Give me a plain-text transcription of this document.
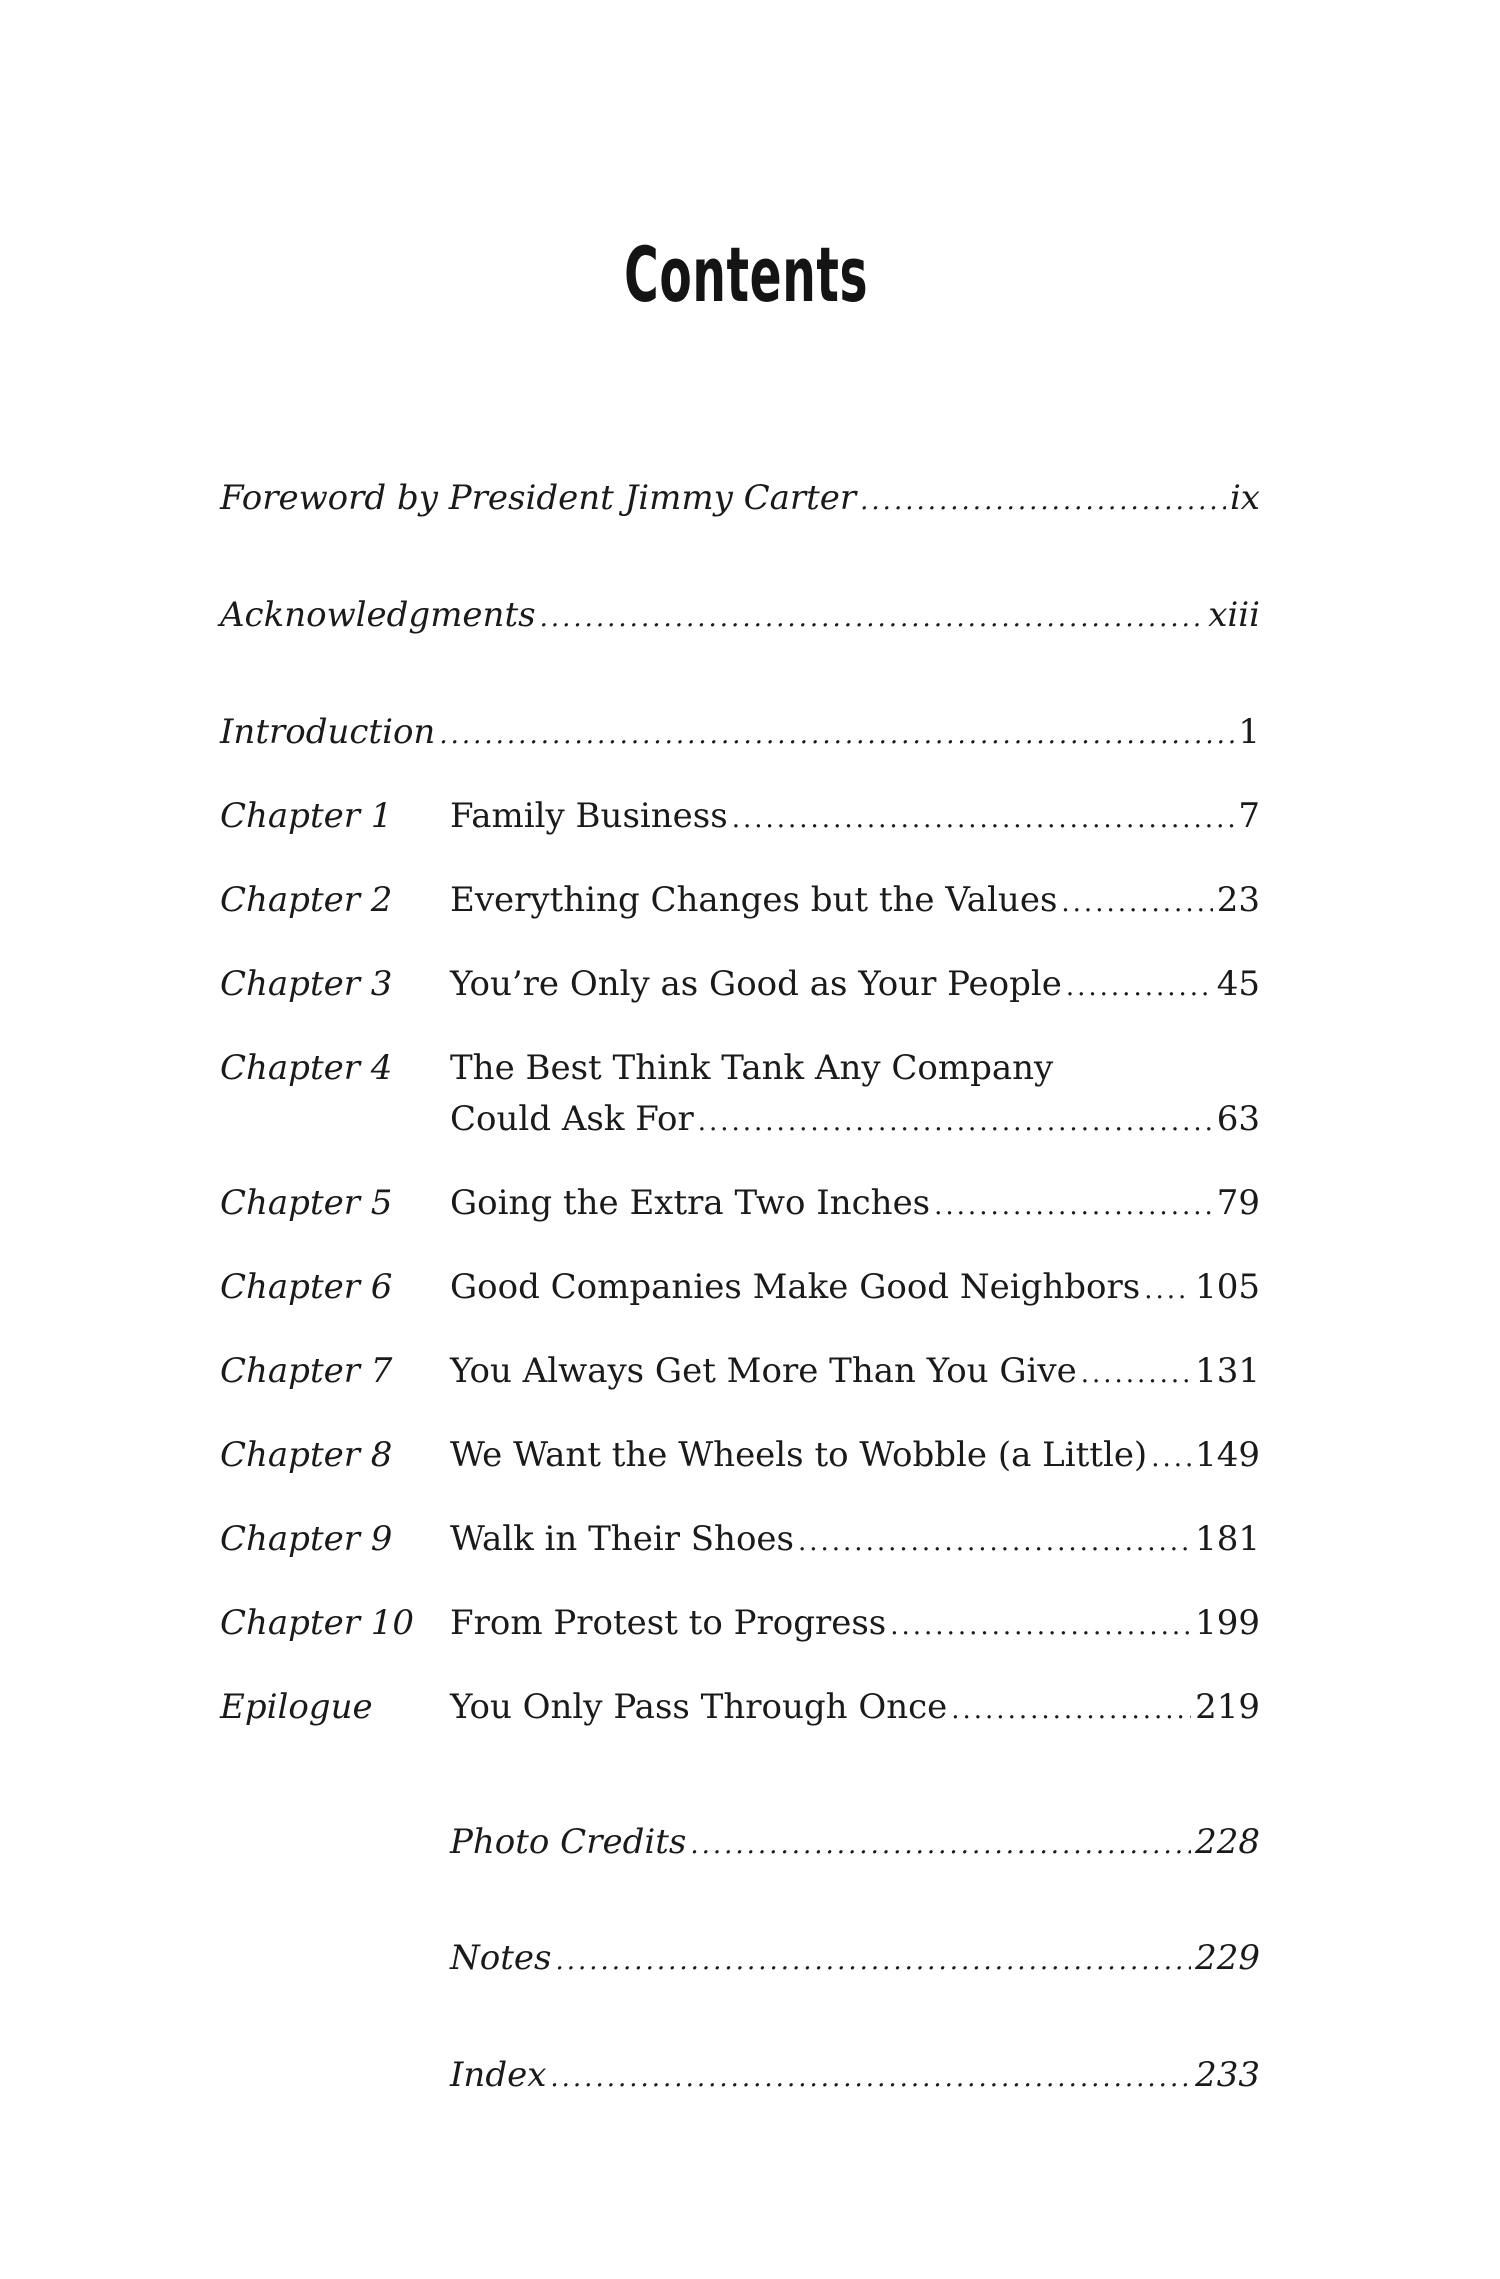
Contents
Foreword by President Jimmy Carter .....	ix
Acknowledgments .....	xiii
Introduction .....	1
Chapter 1 Family Business .....	7
Chapter 2 Everything Changes but the Values .....	23
Chapter 3 You’re Only as Good as Your People .....	45
Chapter 4 The Best Think Tank Any Company
Could Ask For .....	63
Chapter 5 Going the Extra Two Inches .....	79
Chapter 6 Good Companies Make Good Neighbors ..... 105
Chapter 7 You Always Get More Than You Give .....	131
Chapter 8 We Want the Wheels to Wobble (a Little) ..... 149
Chapter 9 Walk in Their Shoes .....	181
Chapter 10 From Protest to Progress .....	199
Epilogue You Only Pass Through Once .....	219
Photo Credits .....	228
Notes .....	229
Index .....	233
